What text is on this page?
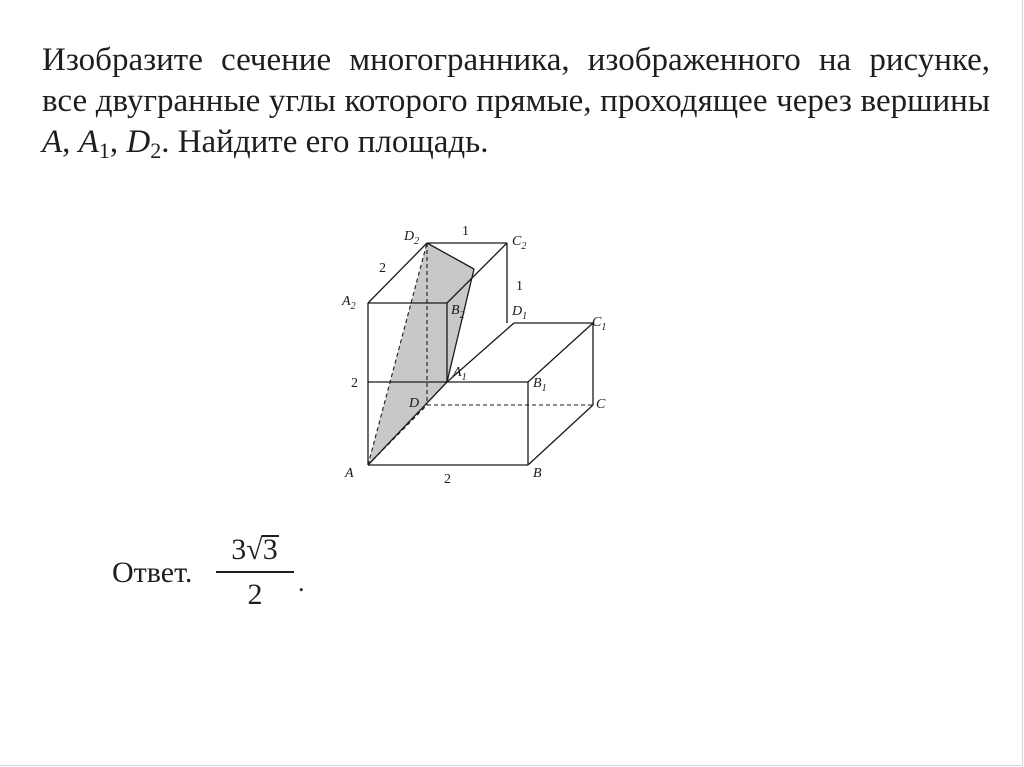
Изобразите сечение многогранника, изображенного на рисунке, все двугранные углы которого прямые, проходящее через вершины A, $A_1$, $D_2$. Найдите его площадь.

$D_2$	$C_2$
$A_2$	$B_2$	$D_1$	$C_1$
$A_1$	$B_1$
D	C
A	B
1
2
1
2
2
Ответ.
3√3
2	.
